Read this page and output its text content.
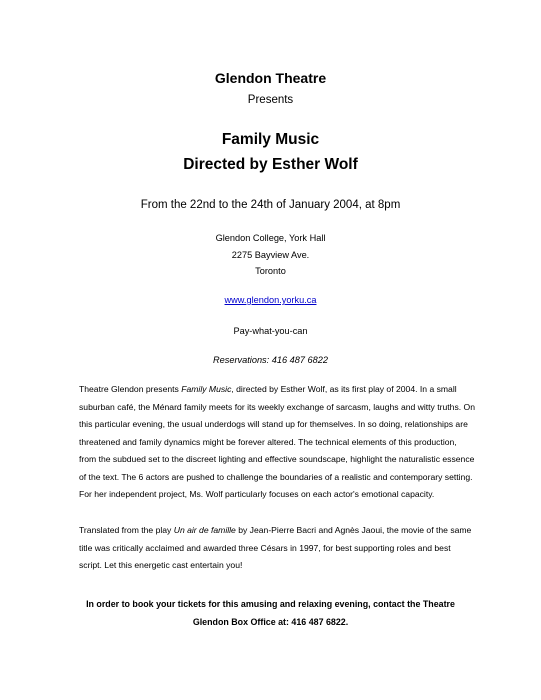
Glendon Theatre
Presents
Family Music
Directed by Esther Wolf
From the 22nd to the 24th of January 2004, at 8pm
Glendon College, York Hall
2275 Bayview Ave.
Toronto
www.glendon.yorku.ca
Pay-what-you-can
Reservations: 416 487 6822
Theatre Glendon presents Family Music, directed by Esther Wolf, as its first play of 2004. In a small suburban café, the Ménard family meets for its weekly exchange of sarcasm, laughs and witty truths. On this particular evening, the usual underdogs will stand up for themselves. In so doing, relationships are threatened and family dynamics might be forever altered. The technical elements of this production, from the subdued set to the discreet lighting and effective soundscape, highlight the naturalistic essence of the text. The 6 actors are pushed to challenge the boundaries of a realistic and contemporary setting. For her independent project, Ms. Wolf particularly focuses on each actor's emotional capacity.
Translated from the play Un air de famille by Jean-Pierre Bacri and Agnès Jaoui, the movie of the same title was critically acclaimed and awarded three Césars in 1997, for best supporting roles and best script. Let this energetic cast entertain you!
In order to book your tickets for this amusing and relaxing evening, contact the Theatre Glendon Box Office at: 416 487 6822.
